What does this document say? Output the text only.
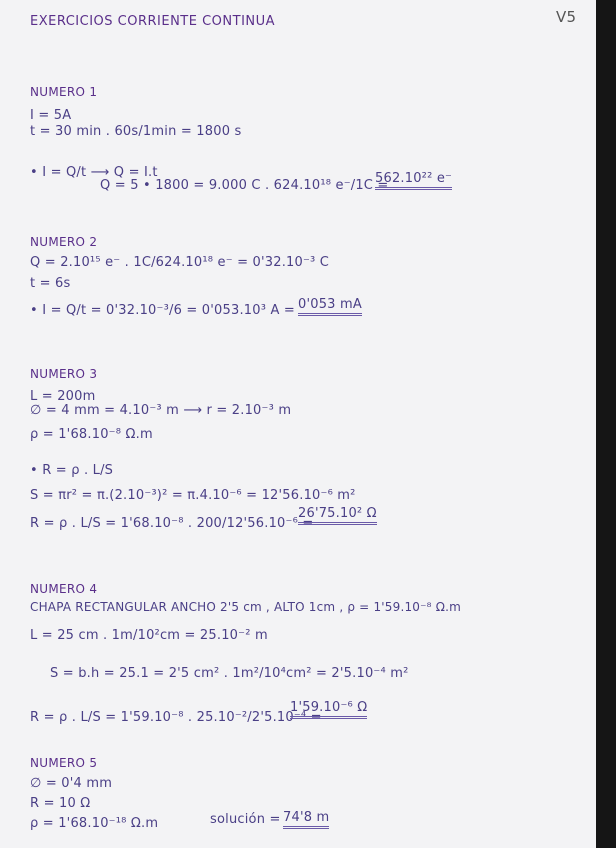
EXERCICIOS CORRIENTE CONTINUA	V5
NUMERO 1
I = 5A
t = 30 min . 60s/1min = 1800 s
• I = Q/t ⟶ Q = I.t
Q = 5 • 1800 = 9.000 C . 624.10¹⁸ e⁻/1C =
562.10²² e⁻
NUMERO 2
Q = 2.10¹⁵ e⁻ . 1C/624.10¹⁸ e⁻ = 0'32.10⁻³ C
t = 6s
• I = Q/t = 0'32.10⁻³/6 = 0'053.10³ A = 0'053 mA
NUMERO 3
L = 200m
∅ = 4 mm = 4.10⁻³ m ⟶ r = 2.10⁻³ m
ρ = 1'68.10⁻⁸ Ω.m
• R = ρ . L/S
S = πr² = π.(2.10⁻³)² = π.4.10⁻⁶ = 12'56.10⁻⁶ m²
R = ρ . L/S = 1'68.10⁻⁸ . 200/12'56.10⁻⁶ =
26'75.10² Ω
NUMERO 4
CHAPA RECTANGULAR ANCHO 2'5 cm , ALTO 1cm , ρ = 1'59.10⁻⁸ Ω.m
L = 25 cm . 1m/10²cm = 25.10⁻² m
S = b.h = 25.1 = 2'5 cm² . 1m²/10⁴cm² = 2'5.10⁻⁴ m²
R = ρ . L/S = 1'59.10⁻⁸ . 25.10⁻²/2'5.10⁻⁴ =
1'59.10⁻⁶ Ω
NUMERO 5
∅ = 0'4 mm
R = 10 Ω
ρ = 1'68.10⁻¹⁸ Ω.m	solución = 74'8 m
